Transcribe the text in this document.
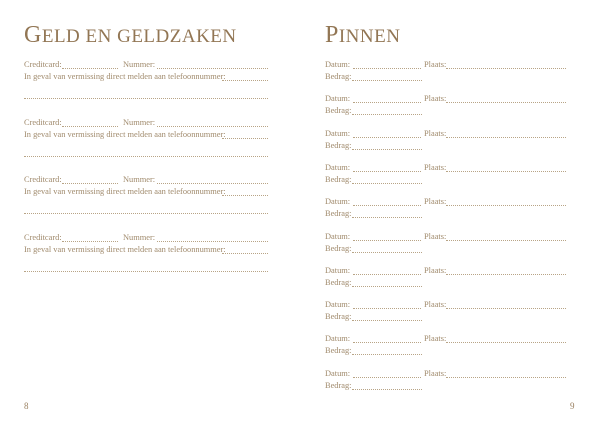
GELD EN GELDZAKEN
Creditcard:	Nummer:
In geval van vermissing direct melden aan telefoonnummer:
Creditcard:	Nummer:
In geval van vermissing direct melden aan telefoonnummer:
Creditcard:	Nummer:
In geval van vermissing direct melden aan telefoonnummer:
Creditcard:	Nummer:
In geval van vermissing direct melden aan telefoonnummer:
8
PINNEN
Datum:	Plaats:
Bedrag:
Datum:	Plaats:
Bedrag:
Datum:	Plaats:
Bedrag:
Datum:	Plaats:
Bedrag:
Datum:	Plaats:
Bedrag:
Datum:	Plaats:
Bedrag:
Datum:	Plaats:
Bedrag:
Datum:	Plaats:
Bedrag:
Datum:	Plaats:
Bedrag:
Datum:	Plaats:
Bedrag:
9
